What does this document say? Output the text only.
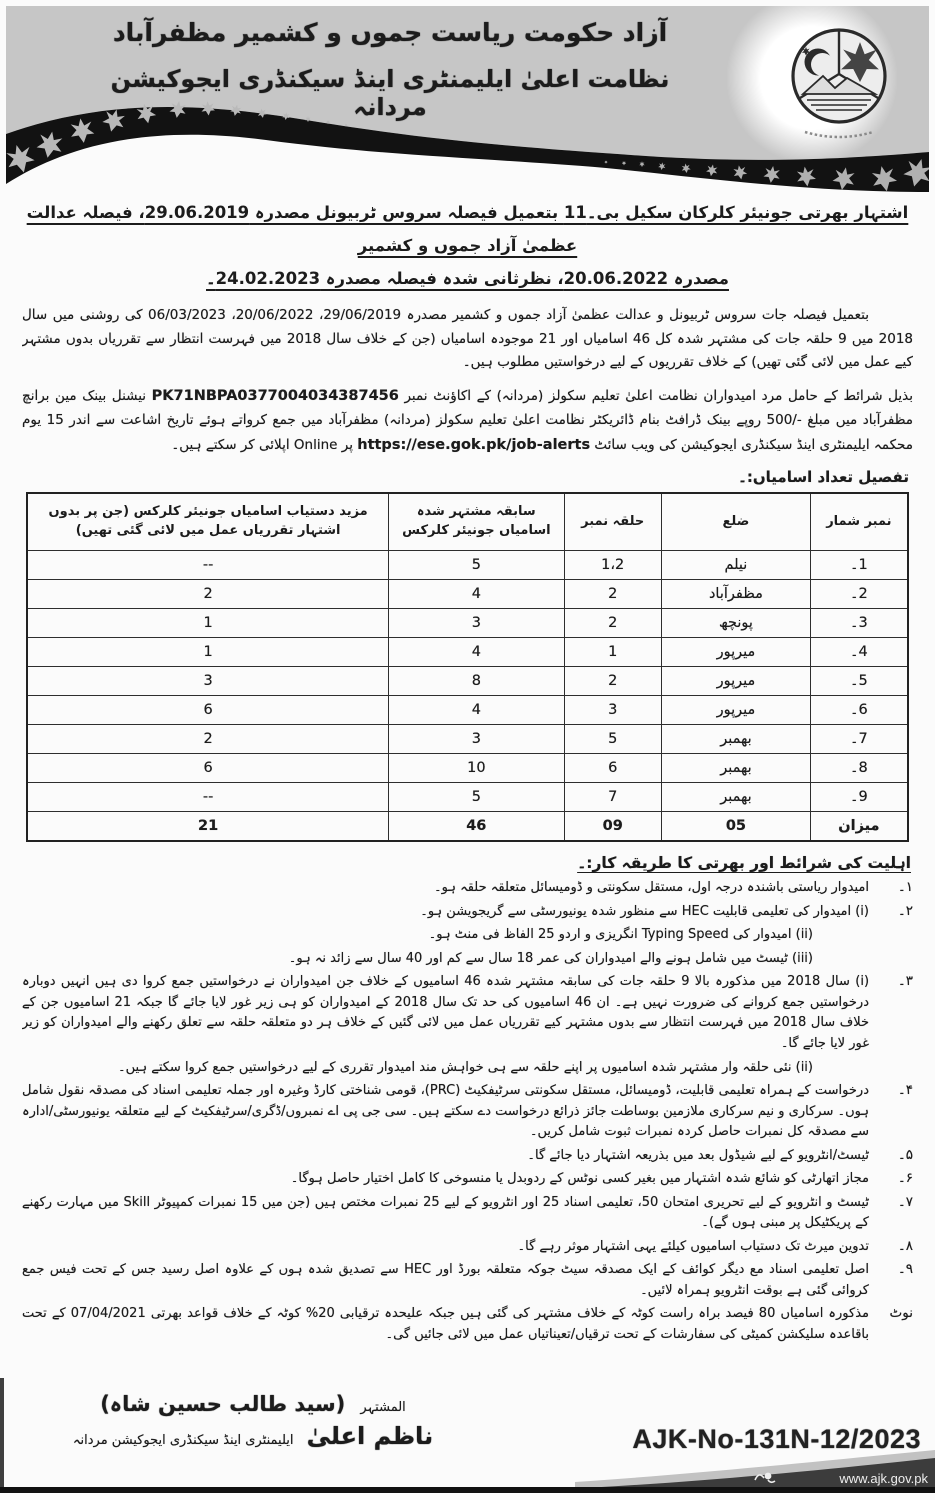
آزاد حکومت ریاست جموں و کشمیر مظفرآباد
نظامت اعلیٰ ایلیمنٹری اینڈ سیکنڈری ایجوکیشن مردانہ
اشتہار بھرتی جونیئر کلرکان سکیل بی۔11 بتعمیل فیصلہ سروس ٹربیونل مصدرہ 29.06.2019، فیصلہ عدالت عظمیٰ آزاد جموں و کشمیر
مصدرہ 20.06.2022، نظرثانی شدہ فیصلہ مصدرہ 24.02.2023۔

بتعمیل فیصلہ جات سروس ٹربیونل و عدالت عظمیٰ آزاد جموں و کشمیر مصدرہ 29/06/2019، 20/06/2022، 06/03/2023 کی روشنی میں سال 2018 میں 9 حلقہ جات کی مشتہر شدہ کل 46 اسامیاں اور 21 موجودہ اسامیاں (جن کے خلاف سال 2018 میں فہرست انتظار سے تقرریاں بدوں مشتہر کیے عمل میں لائی گئی تھیں) کے خلاف تقرریوں کے لیے درخواستیں مطلوب ہیں۔

بذیل شرائط کے حامل مرد امیدواران نظامت اعلیٰ تعلیم سکولز (مردانہ) کے اکاؤنٹ نمبر PK71NBPA0377004034387456 نیشنل بینک مین برانچ مظفرآباد میں مبلغ ‎500/-‎ روپے بینک ڈرافٹ بنام ڈائریکٹر نظامت اعلیٰ تعلیم سکولز (مردانہ) مظفرآباد میں جمع کرواتے ہوئے تاریخ اشاعت سے اندر 15 یوم محکمہ ایلیمنٹری اینڈ سیکنڈری ایجوکیشن کی ویب سائٹ https://ese.gok.pk/job-alerts پر Online اپلائی کر سکتے ہیں۔

تفصیل تعداد اسامیاں:۔
نمبر شمار	ضلع	حلقہ نمبر	سابقہ مشتہر شدہ اسامیاں جونیئر کلرکس	مزید دستیاب اسامیاں جونیئر کلرکس (جن پر بدوں اشتہار تقرریاں عمل میں لائی گئی تھیں)
1۔	نیلم	1،2	5	--
2۔	مظفرآباد	2	4	2
3۔	پونچھ	2	3	1
4۔	میرپور	1	4	1
5۔	میرپور	2	8	3
6۔	میرپور	3	4	6
7۔	بھمبر	5	3	2
8۔	بھمبر	6	10	6
9۔	بھمبر	7	5	--
میزان	05	09	46	21
اہلیت کی شرائط اور بھرتی کا طریقہ کار:۔
۱۔
امیدوار ریاستی باشندہ درجہ اول، مستقل سکونتی و ڈومیسائل متعلقہ حلقہ ہو۔
۲۔
(i) امیدوار کی تعلیمی قابلیت HEC سے منظور شدہ یونیورسٹی سے گریجویشن ہو۔
(ii) امیدوار کی Typing Speed انگریزی و اردو 25 الفاظ فی منٹ ہو۔
(iii) ٹیسٹ میں شامل ہونے والے امیدواران کی عمر 18 سال سے کم اور 40 سال سے زائد نہ ہو۔
۳۔
(i) سال 2018 میں مذکورہ بالا 9 حلقہ جات کی سابقہ مشتہر شدہ 46 اسامیوں کے خلاف جن امیدواران نے درخواستیں جمع کروا دی ہیں انہیں دوبارہ درخواستیں جمع کروانے کی ضرورت نہیں ہے۔ ان 46 اسامیوں کی حد تک سال 2018 کے امیدواران کو ہی زیر غور لایا جائے گا جبکہ 21 اسامیوں جن کے خلاف سال 2018 میں فہرست انتظار سے بدوں مشتہر کیے تقرریاں عمل میں لائی گئیں کے خلاف ہر دو متعلقہ حلقہ سے تعلق رکھنے والے امیدواران کو زیر غور لایا جائے گا۔
(ii) نئی حلقہ وار مشتہر شدہ اسامیوں پر اپنے حلقہ سے ہی خواہش مند امیدوار تقرری کے لیے درخواستیں جمع کروا سکتے ہیں۔
۴۔
درخواست کے ہمراہ تعلیمی قابلیت، ڈومیسائل، مستقل سکونتی سرٹیفکیٹ (PRC)، قومی شناختی کارڈ وغیرہ اور جملہ تعلیمی اسناد کی مصدقہ نقول شامل ہوں۔ سرکاری و نیم سرکاری ملازمین بوساطت جائز ذرائع درخواست دے سکتے ہیں۔ سی جی پی اے نمبروں/ڈگری/سرٹیفکیٹ کے لیے متعلقہ یونیورسٹی/ادارہ سے مصدقہ کل نمبرات حاصل کردہ نمبرات ثبوت شامل کریں۔
۵۔
ٹیسٹ/انٹرویو کے لیے شیڈول بعد میں بذریعہ اشتہار دیا جائے گا۔
۶۔
مجاز اتھارٹی کو شائع شدہ اشتہار میں بغیر کسی نوٹس کے ردوبدل یا منسوخی کا کامل اختیار حاصل ہوگا۔
۷۔
ٹیسٹ و انٹرویو کے لیے تحریری امتحان 50، تعلیمی اسناد 25 اور انٹرویو کے لیے 25 نمبرات مختص ہیں (جن میں 15 نمبرات کمپیوٹر Skill میں مہارت رکھنے کے پریکٹیکل پر مبنی ہوں گے)۔
۸۔
تدوین میرٹ تک دستیاب اسامیوں کیلئے یہی اشتہار موثر رہے گا۔
۹۔
اصل تعلیمی اسناد مع دیگر کوائف کے ایک مصدقہ سیٹ جوکہ متعلقہ بورڈ اور HEC سے تصدیق شدہ ہوں کے علاوہ اصل رسید جس کے تحت فیس جمع کروائی گئی ہے بوقت انٹرویو ہمراہ لائیں۔
نوٹ
مذکورہ اسامیاں 80 فیصد براہ راست کوٹہ کے خلاف مشتہر کی گئی ہیں جبکہ علیحدہ ترقیابی 20% کوٹہ کے خلاف قواعد بھرتی 07/04/2021 کے تحت باقاعدہ سلیکشن کمیٹی کی سفارشات کے تحت ترقیاں/تعیناتیاں عمل میں لائی جائیں گی۔
المشتہر (سید طالب حسین شاہ)
ناظم اعلیٰ ایلیمنٹری اینڈ سیکنڈری ایجوکیشن مردانہ	AJK-No-131N-12/2023
www.ajk.gov.pk
